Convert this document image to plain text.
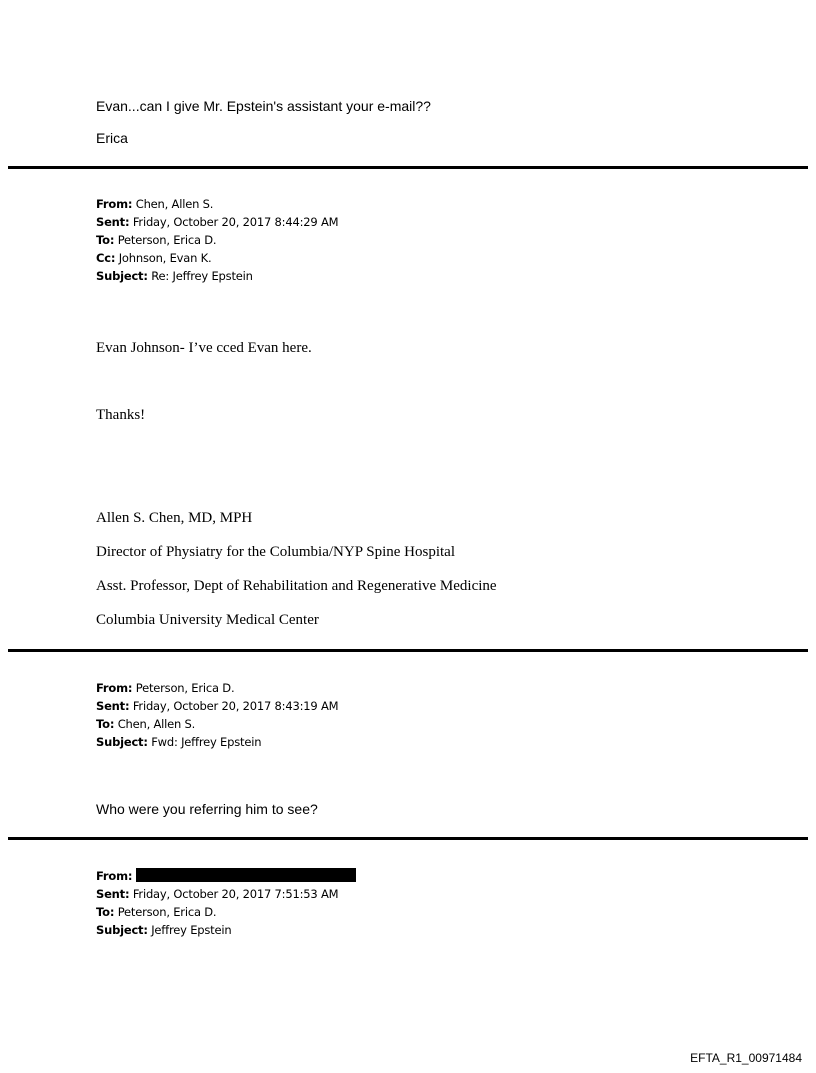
Evan...can I give Mr. Epstein's assistant your e-mail??
Erica
From: Chen, Allen S.
Sent: Friday, October 20, 2017 8:44:29 AM
To: Peterson, Erica D.
Cc: Johnson, Evan K.
Subject: Re: Jeffrey Epstein
Evan Johnson- I’ve cced Evan here.
Thanks!
Allen S. Chen, MD, MPH
Director of Physiatry for the Columbia/NYP Spine Hospital
Asst. Professor, Dept of Rehabilitation and Regenerative Medicine
Columbia University Medical Center
From: Peterson, Erica D.
Sent: Friday, October 20, 2017 8:43:19 AM
To: Chen, Allen S.
Subject: Fwd: Jeffrey Epstein
Who were you referring him to see?
From:
Sent: Friday, October 20, 2017 7:51:53 AM
To: Peterson, Erica D.
Subject: Jeffrey Epstein
EFTA_R1_00971484
